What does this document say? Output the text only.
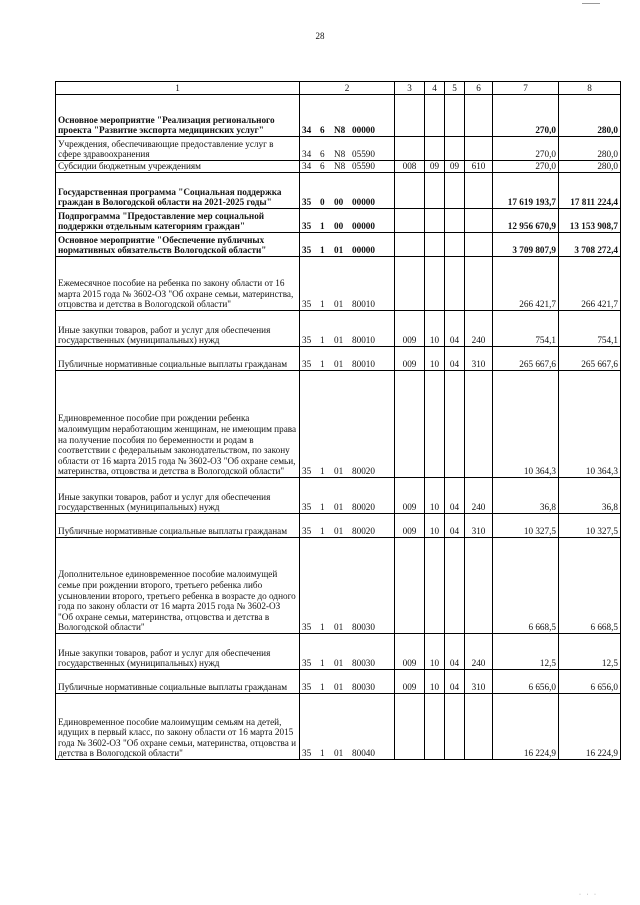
28
1	2	3	4	5	6	7	8
Основное мероприятие "Реализация регионального проекта "Развитие экспорта медицинских услуг"	34 6 N8 00000					270,0	280,0
Учреждения, обеспечивающие предоставление услуг в сфере здравоохранения	34 6 N8 05590					270,0	280,0
Субсидии бюджетным учреждениям	34 6 N8 05590	008	09	09	610	270,0	280,0
Государственная программа "Социальная поддержка граждан в Вологодской области на 2021-2025 годы"	35 0 00 00000					17 619 193,7	17 811 224,4
Подпрограмма "Предоставление мер социальной поддержки отдельным категориям граждан"	35 1 00 00000					12 956 670,9	13 153 908,7
Основное мероприятие "Обеспечение публичных нормативных обязательств Вологодской области"	35 1 01 00000					3 709 807,9	3 708 272,4
Ежемесячное пособие на ребенка по закону области от 16 марта 2015 года № 3602-ОЗ "Об охране семьи, материнства, отцовства и детства в Вологодской области"	35 1 01 80010					266 421,7	266 421,7
Иные закупки товаров, работ и услуг для обеспечения государственных (муниципальных) нужд	35 1 01 80010	009	10	04	240	754,1	754,1
Публичные нормативные социальные выплаты гражданам	35 1 01 80010	009	10	04	310	265 667,6	265 667,6
Единовременное пособие при рождении ребенка малоимущим неработающим женщинам, не имеющим права на получение пособия по беременности и родам в соответствии с федеральным законодательством, по закону области от 16 марта 2015 года № 3602-ОЗ "Об охране семьи, материнства, отцовства и детства в Вологодской области"	35 1 01 80020					10 364,3	10 364,3
Иные закупки товаров, работ и услуг для обеспечения государственных (муниципальных) нужд	35 1 01 80020	009	10	04	240	36,8	36,8
Публичные нормативные социальные выплаты гражданам	35 1 01 80020	009	10	04	310	10 327,5	10 327,5
Дополнительное единовременное пособие малоимущей семье при рождении второго, третьего ребенка либо усыновлении второго, третьего ребенка в возрасте до одного года по закону области от 16 марта 2015 года № 3602-ОЗ "Об охране семьи, материнства, отцовства и детства в Вологодской области"	35 1 01 80030					6 668,5	6 668,5
Иные закупки товаров, работ и услуг для обеспечения государственных (муниципальных) нужд	35 1 01 80030	009	10	04	240	12,5	12,5
Публичные нормативные социальные выплаты гражданам	35 1 01 80030	009	10	04	310	6 656,0	6 656,0
Единовременное пособие малоимущим семьям на детей, идущих в первый класс, по закону области от 16 марта 2015 года № 3602-ОЗ "Об охране семьи, материнства, отцовства и детства в Вологодской области"	35 1 01 80040					16 224,9	16 224,9
· · ·
